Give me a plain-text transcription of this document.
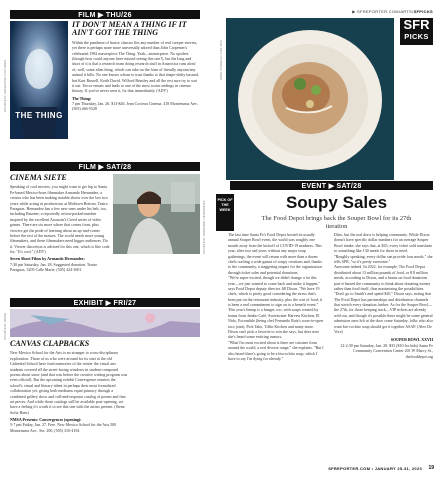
FILM ▶ THU/26
COURTESY UNIVERSAL PICTURES
THE THING
IT DON'T MEAN A THING IF IT AIN'T GOT THE THING
Within the pantheon of horror classics lies any number of real creeper movies, yet there is perhaps none more universally adored than John Carpenter's celebrated 1982 masterpiece The Thing. Yeah—masterpiece. No spoilers (though how could anyone have missed seeing this one?), but the long and short of it is that a research team doing research stuff in Antarctica runs afoul of, well, some alien thing, which can take on the form of literally anyone/any animal it kills. No one knows whom to trust thanks to that shape-shifty bastard, but Kurt Russell, Keith David, Wilford Brimley and all the rest sure try to sort it out. Terror ensues and leads to one of the most iconic endings in cinema history. If you've never seen it, fix that immediately. (ADV)
The Thing:
7 pm Thursday, Jan. 26. $13-$26. Jean Cocteau Cinema. 418 Montezuma Ave., (505) 466-5528
FILM ▶ SAT/28
CINEMA SIETE
Speaking of cool movies, you might want to get hip to Santa Fe-based Mexico-born filmmaker Armando Hernandez, a creator who has been making notable shorts over the last two years while acting in productions at Midtown Bottom, Teatro Paraguas. Hernandez has a few new ones under his belt, too, including Raseme, a reportedly action-packed number inspired by the excellent Assassin's Creed series of video games. There are six more where that comes from, plus viewers get the pride of learning about an up-and-comer before the rest of the masses. The world needs more young filmmakers, and these filmmakers need bigger audiences. Do it. Viewer discretion is advised for this one, which is like code for, "It's cool." (ADV)
Seven Short Films by Armando Hernandez:
7:30 pm Saturday, Jan. 28. Suggested donation. Teatro Paraguas, 3205 Calle Marie, (505) 424-1601
COURTESY ARMANDO HERNANDEZ
EXHIBIT ▶ FRI/27
COURTESY NMSA
CANVAS CLAPBACKS
New Mexico School for the Arts is no stranger to cross-disciplinary exploration. Those of us who were around for its start at the old Cathedral School have fond memories of the winter the visual arts students covered all the street-facing windows in student-composed poems about snow (and that was before the creative writing program was even official). But the upcoming exhibit Convergence reunites the school's visual and literary talent in perhaps their most formalized collaboration yet, giving both mediums equal primacy through a combined gallery show and call-and-response catalog of poems and fine art pieces. And while those catalogs will be available post-opening, we have a feeling it's worth it to see this one with the artists present. (Siena Sofia Baez)
NMSA Presents: Convergences (opening):
5-7 pm Friday, Jan. 27. Free. New Mexico School for the Arts 500 Montezuma Ave., Ste. 200, (505) 310-4194
▶ SFREPORTER.COM/ARTS/SFPICKS
SFR
PICKS
ANNE STAVELEY FOR SFR
EVENT ▶ SAT/28
PICK OF THE WEEK	Soupy Sales
The Food Depot brings back the Souper Bowl for its 27th iteration
The last time Santa Fe's Food Depot hosted its usually annual Souper Bowl event, the world was roughly one month away from the kickoff of COVID-19 madness. This year, after two sad years without any major soup gatherings, the event will return with more than a dozen chefs crafting a wide gamut of soupy creations and, thanks to the community, a staggering impact for the organization through ticket sales and potential donations.
"We're super excited, though we didn't change a lot this year—we just wanted to come back and make it happen," says Food Depot deputy director Jill Dixon. "We have 19 chefs, which is pretty good considering the stress that's been put on the restaurant industry, plus the cost of food; it is been a real commitment to sign on to a benefit event."
This year's lineup is a banger, too, with soups created by teams from Jambo Café, Sweetwater Harvest Kitchen, El Nido, Escondido (being chef Fernando Ruiz's soon-to-open taco joint), Pick Tako, Tiffin Kitchen and many more. Dixon can't pick a favorite to win she says, but does note she's heard some enticing rumors.
"What I'm most excited about is there are cuisines from around the world, a real diverse range," she explains. "But I also heard there's going to be a biscochito soup, which I have to say I'm dying for already."
Ditto, but the real draw is helping community. While Dixon doesn't have specific dollar numbers for an average Souper Bowl intake, she says that, at $35, every ticket sold translates to something like 130 meals for those in need.
"Roughly speaking, every dollar can provide four meals," she tells SFR, "so it's pretty awesome."
Awesome indeed. In 2022, for example, The Food Depot distributed about 13 million pounds of food, or 8.8 million meals, according to Dixon, and a hiatus on food donations part-it harsed the community to think about donating money rather than food itself, thus maximizing the possibilities.
"Don't go to Smith's and spend $20," Dixon says, noting that The Food Depot has partnerships and distribution channels that stretch every donation further. As for the Souper Bowl—the 27th, for those keeping track—VIP tickets are already sold out, and though it's possible there might be some general admission ones left at the door come Saturday, folks who also want bio-cochito soup should get it together ASAP. (Alex De Vore)
SOUPER BOWL XXVII
12-2:30 pm Saturday, Jan. 28. $35 ($10 for kids) Santa Fe Community Convention Center 201 W Marcy St., thefooddepot.org
SFREPORTER.COM • JANUARY 25-31, 2023	19
